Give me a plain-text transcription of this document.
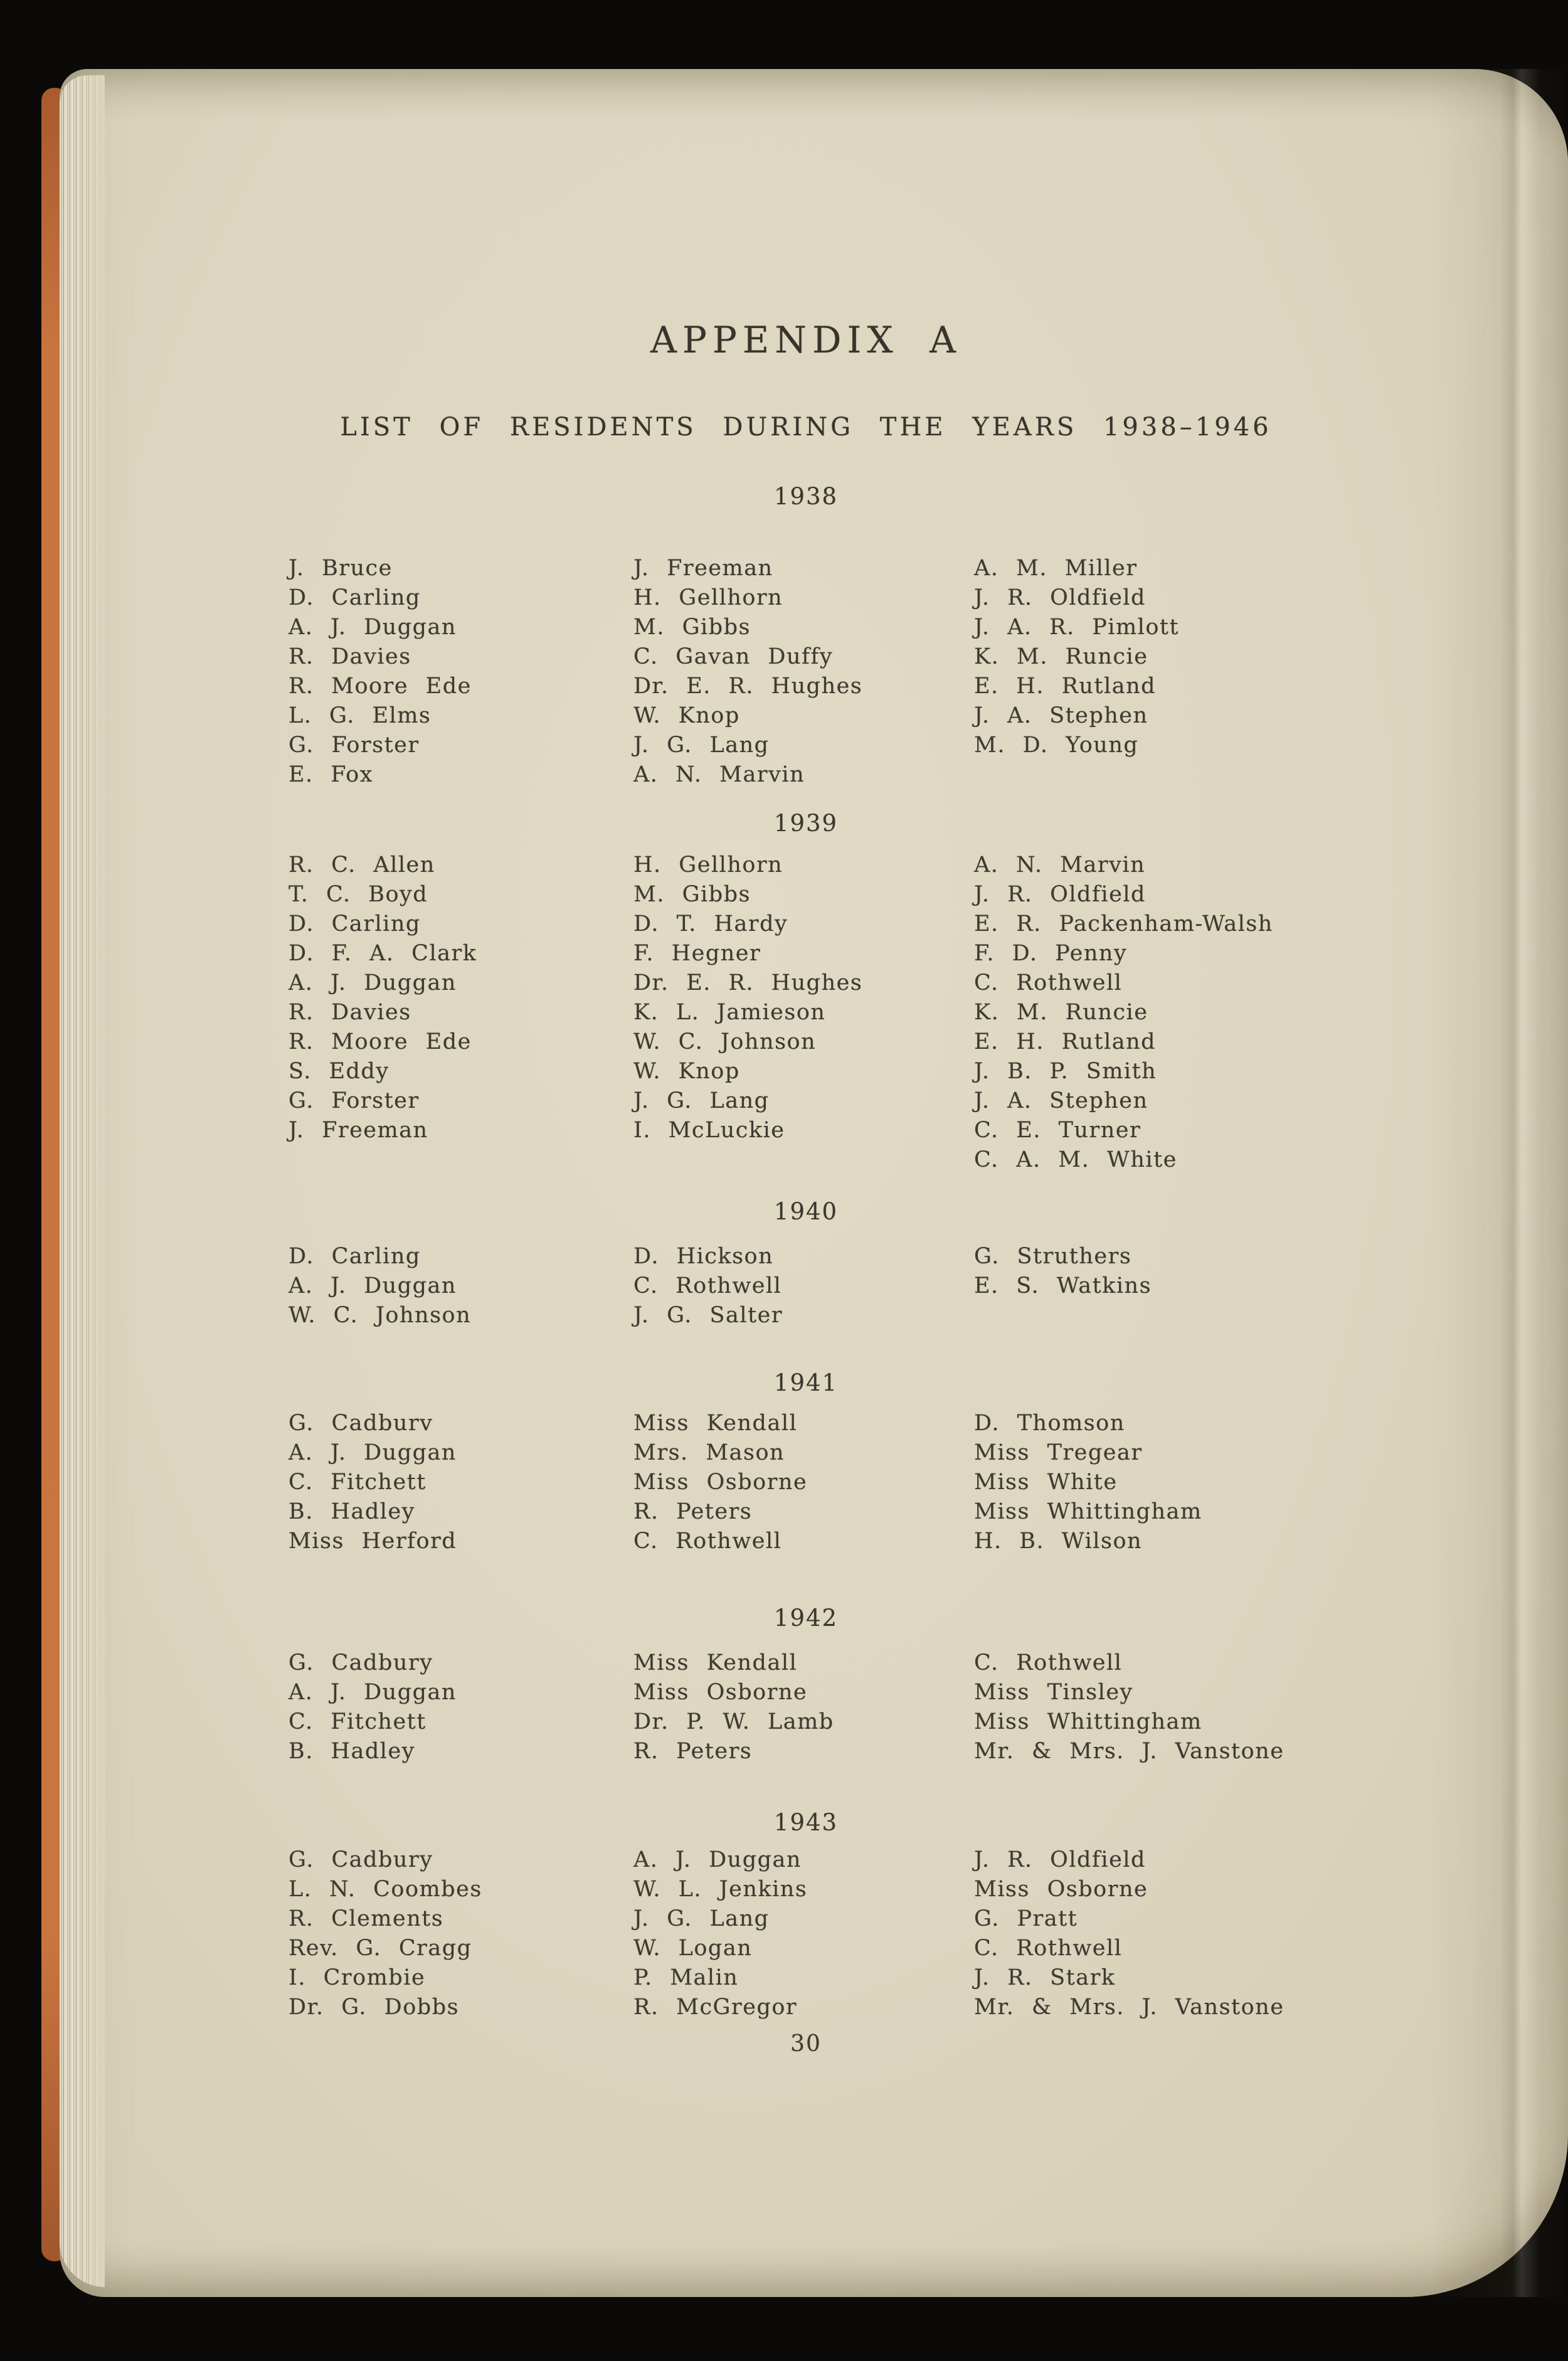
APPENDIX A
LIST OF RESIDENTS DURING THE YEARS 1938–1946
30
1938
J. Bruce
D. Carling
A. J. Duggan
R. Davies
R. Moore Ede
L. G. Elms
G. Forster
E. Fox
J. Freeman
H. Gellhorn
M. Gibbs
C. Gavan Duffy
Dr. E. R. Hughes
W. Knop
J. G. Lang
A. N. Marvin
A. M. Miller
J. R. Oldfield
J. A. R. Pimlott
K. M. Runcie
E. H. Rutland
J. A. Stephen
M. D. Young
1939
R. C. Allen
T. C. Boyd
D. Carling
D. F. A. Clark
A. J. Duggan
R. Davies
R. Moore Ede
S. Eddy
G. Forster
J. Freeman
H. Gellhorn
M. Gibbs
D. T. Hardy
F. Hegner
Dr. E. R. Hughes
K. L. Jamieson
W. C. Johnson
W. Knop
J. G. Lang
I. McLuckie
A. N. Marvin
J. R. Oldfield
E. R. Packenham-Walsh
F. D. Penny
C. Rothwell
K. M. Runcie
E. H. Rutland
J. B. P. Smith
J. A. Stephen
C. E. Turner
C. A. M. White
1940
D. Carling
A. J. Duggan
W. C. Johnson
D. Hickson
C. Rothwell
J. G. Salter
G. Struthers
E. S. Watkins
1941
G. Cadburv
A. J. Duggan
C. Fitchett
B. Hadley
Miss Herford
Miss Kendall
Mrs. Mason
Miss Osborne
R. Peters
C. Rothwell
D. Thomson
Miss Tregear
Miss White
Miss Whittingham
H. B. Wilson
1942
G. Cadbury
A. J. Duggan
C. Fitchett
B. Hadley
Miss Kendall
Miss Osborne
Dr. P. W. Lamb
R. Peters
C. Rothwell
Miss Tinsley
Miss Whittingham
Mr. & Mrs. J. Vanstone
1943
G. Cadbury
L. N. Coombes
R. Clements
Rev. G. Cragg
I. Crombie
Dr. G. Dobbs
A. J. Duggan
W. L. Jenkins
J. G. Lang
W. Logan
P. Malin
R. McGregor
J. R. Oldfield
Miss Osborne
G. Pratt
C. Rothwell
J. R. Stark
Mr. & Mrs. J. Vanstone
